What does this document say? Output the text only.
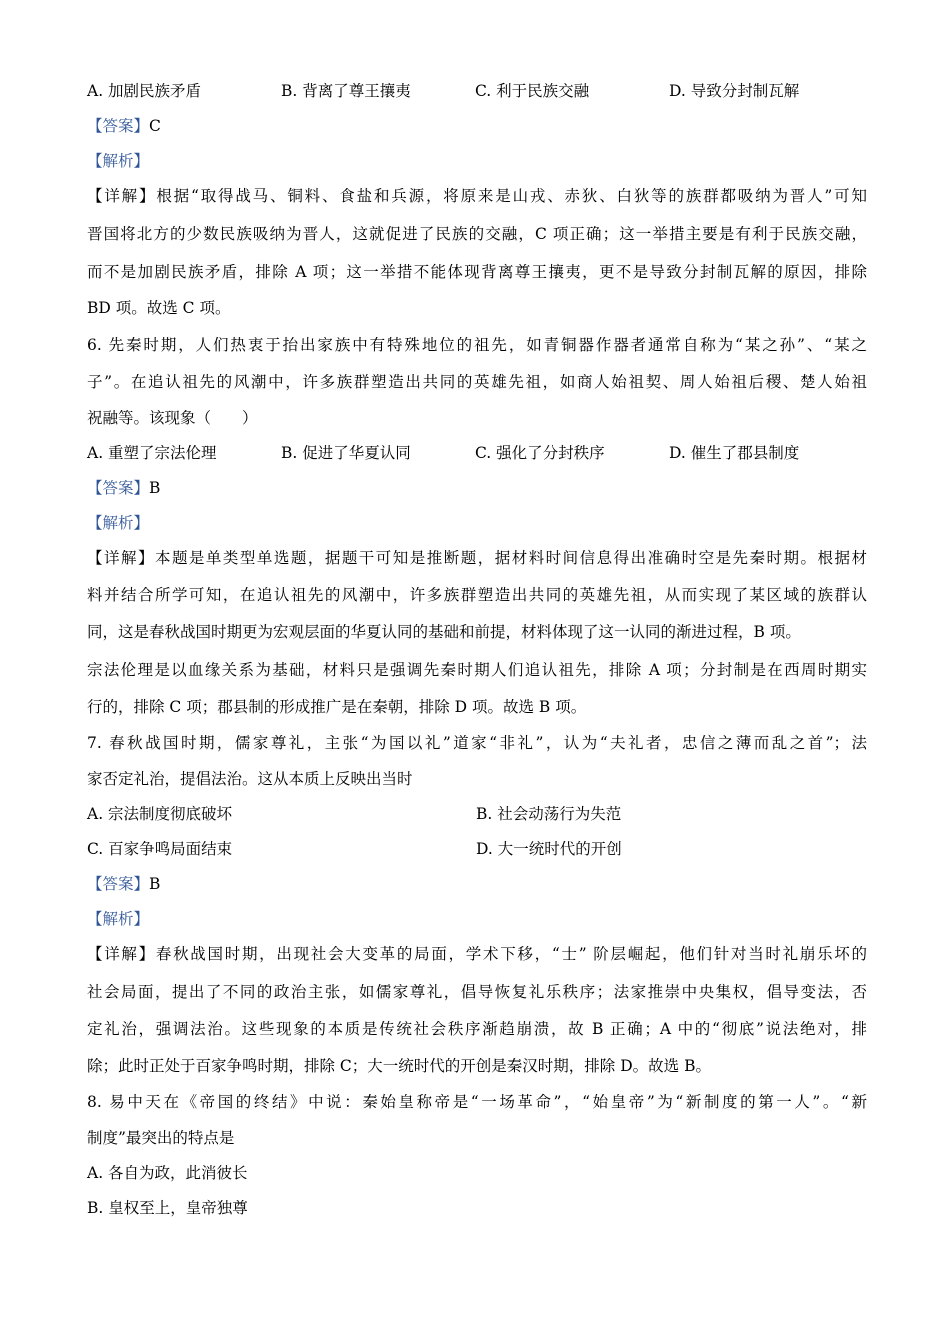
A. 加剧民族矛盾	B. 背离了尊王攘夷	C. 利于民族交融	D. 导致分封制瓦解
【答案】C
【解析】
【详解】根据“取得战马、铜料、食盐和兵源，将原来是山戎、赤狄、白狄等的族群都吸纳为晋人”可知
晋国将北方的少数民族吸纳为晋人，这就促进了民族的交融，C 项正确；这一举措主要是有利于民族交融，
而不是加剧民族矛盾，排除 A 项；这一举措不能体现背离尊王攘夷，更不是导致分封制瓦解的原因，排除
BD 项。故选 C 项。
6. 先秦时期，人们热衷于抬出家族中有特殊地位的祖先，如青铜器作器者通常自称为“某之孙”、“某之
子”。在追认祖先的风潮中，许多族群塑造出共同的英雄先祖，如商人始祖契、周人始祖后稷、楚人始祖
祝融等。该现象（　　）
A. 重塑了宗法伦理	B. 促进了华夏认同	C. 强化了分封秩序	D. 催生了郡县制度
【答案】B
【解析】
【详解】本题是单类型单选题，据题干可知是推断题，据材料时间信息得出准确时空是先秦时期。根据材
料并结合所学可知，在追认祖先的风潮中，许多族群塑造出共同的英雄先祖，从而实现了某区域的族群认
同，这是春秋战国时期更为宏观层面的华夏认同的基础和前提，材料体现了这一认同的渐进过程，B 项。
宗法伦理是以血缘关系为基础，材料只是强调先秦时期人们追认祖先，排除 A 项；分封制是在西周时期实
行的，排除 C 项；郡县制的形成推广是在秦朝，排除 D 项。故选 B 项。
7. 春秋战国时期，儒家尊礼，主张“为国以礼”道家“非礼”，认为“夫礼者，忠信之薄而乱之首”；法
家否定礼治，提倡法治。这从本质上反映出当时
A. 宗法制度彻底破坏	B. 社会动荡行为失范
C. 百家争鸣局面结束	D. 大一统时代的开创
【答案】B
【解析】
【详解】春秋战国时期，出现社会大变革的局面，学术下移，“士” 阶层崛起，他们针对当时礼崩乐坏的
社会局面，提出了不同的政治主张，如儒家尊礼，倡导恢复礼乐秩序；法家推崇中央集权，倡导变法，否
定礼治，强调法治。这些现象的本质是传统社会秩序渐趋崩溃，故 B 正确；A 中的“彻底”说法绝对，排
除；此时正处于百家争鸣时期，排除 C；大一统时代的开创是秦汉时期，排除 D。故选 B。
8. 易中天在《帝国的终结》中说：秦始皇称帝是“一场革命”，“始皇帝”为“新制度的第一人”。“新
制度”最突出的特点是
A. 各自为政，此消彼长
B. 皇权至上，皇帝独尊
